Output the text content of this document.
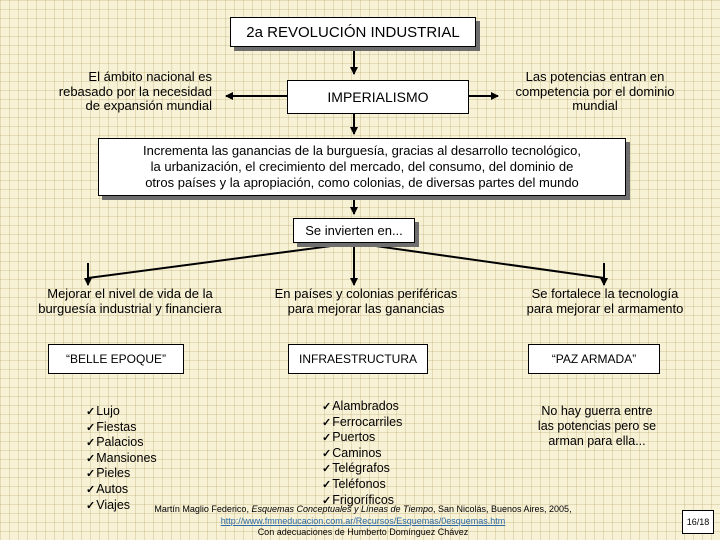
2a REVOLUCIÓN INDUSTRIAL
El ámbito nacional es
rebasado por la necesidad
de expansión mundial
IMPERIALISMO
Las potencias entran en
competencia por el dominio
mundial
Incrementa las ganancias de la burguesía, gracias al desarrollo tecnológico,
la urbanización, el crecimiento del mercado, del consumo, del dominio de
otros países y la apropiación, como colonias, de diversas partes del mundo
Se invierten en...
Mejorar el nivel de vida de la
burguesía industrial y financiera
“BELLE EPOQUE”
✓ Lujo
✓ Fiestas
✓ Palacios
✓ Mansiones
✓ Pieles
✓ Autos
✓ Viajes
En países y colonias periféricas
para mejorar las ganancias
INFRAESTRUCTURA
✓ Alambrados
✓ Ferrocarriles
✓ Puertos
✓ Caminos
✓ Telégrafos
✓ Teléfonos
✓ Frigoríficos
Se fortalece la tecnología
para mejorar el armamento
“PAZ ARMADA”
No hay guerra entre
las potencias pero se
arman para ella...
Martín Maglio Federico, Esquemas Conceptuales y Líneas de Tiempo, San Nicolás, Buenos Aires, 2005,
http://www.fmmeducacion.com.ar/Recursos/Esquemas/0esquemas.htm
Con adecuaciones de Humberto Domínguez Chávez
16/18
